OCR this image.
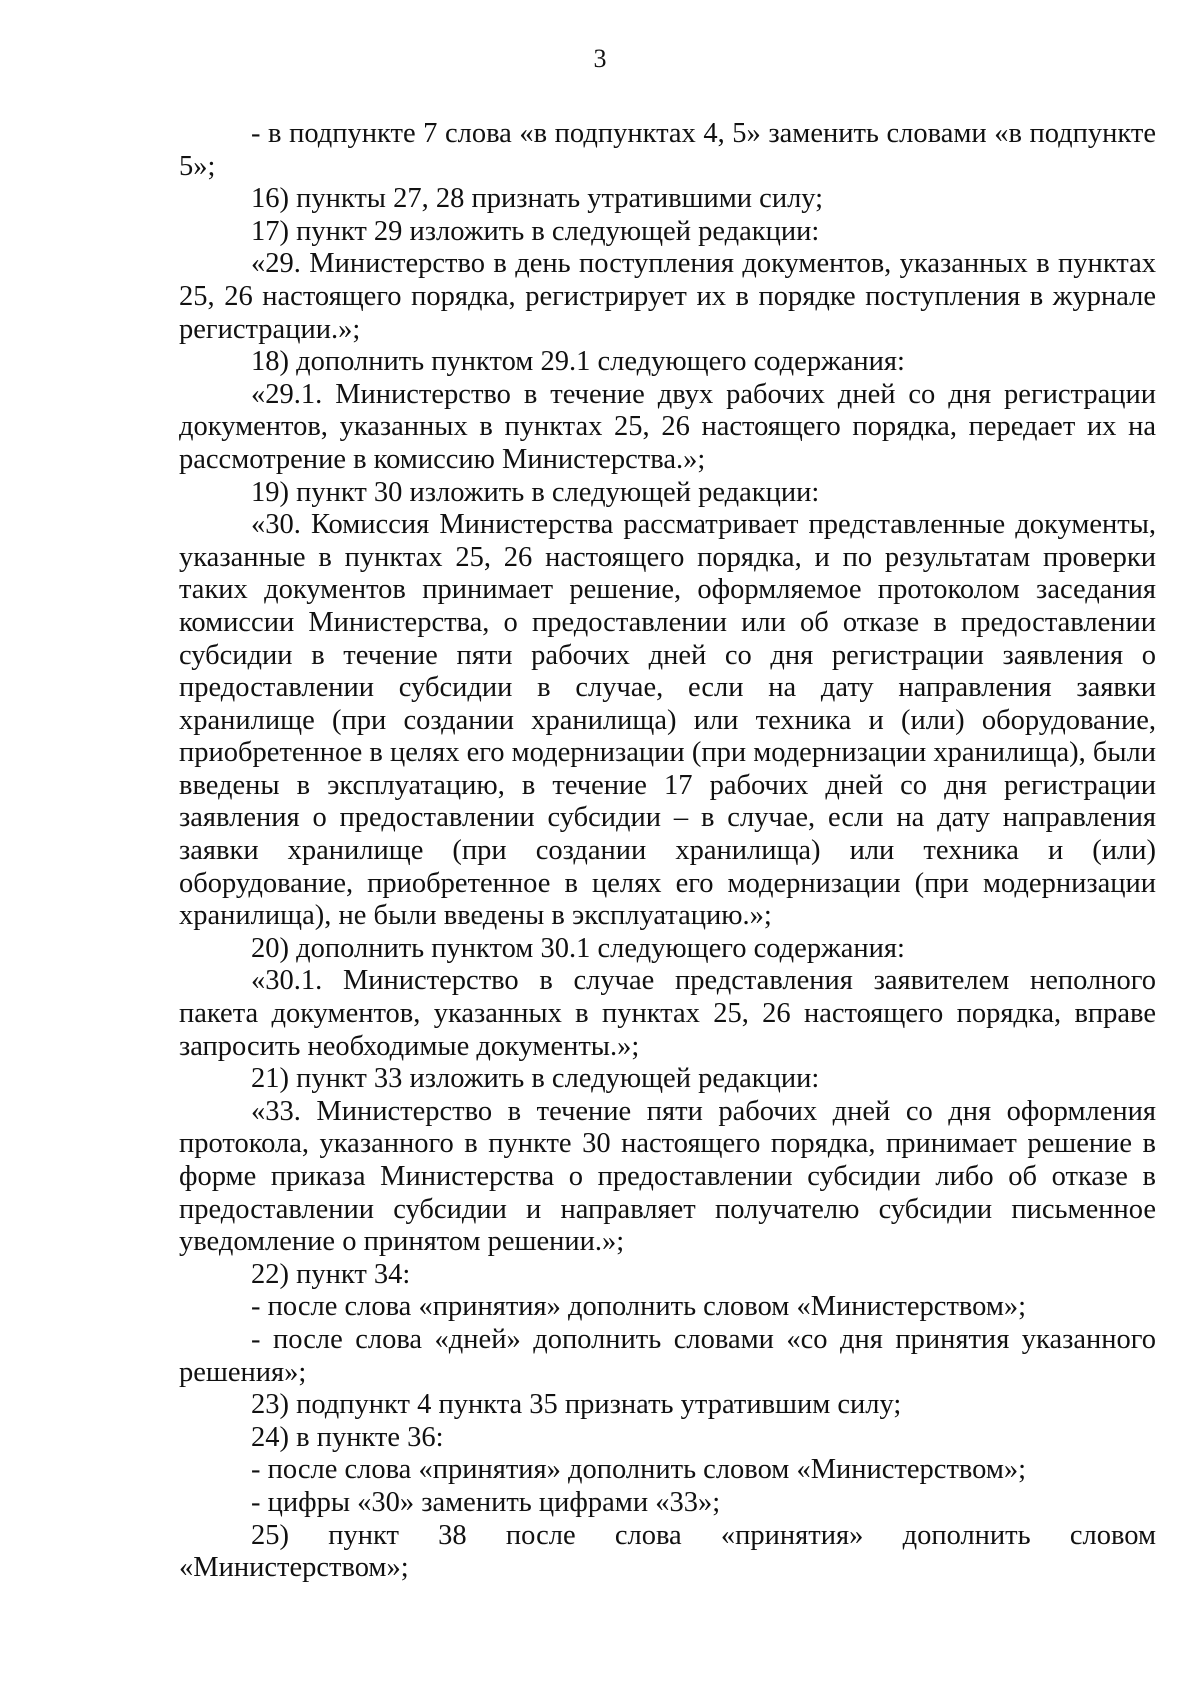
3

- в подпункте 7 слова «в подпунктах 4, 5» заменить словами «в подпункте 5»;

16) пункты 27, 28 признать утратившими силу;

17) пункт 29 изложить в следующей редакции:

«29. Министерство в день поступления документов, указанных в пунктах 25, 26 настоящего порядка, регистрирует их в порядке поступления в журнале регистрации.»;

18) дополнить пунктом 29.1 следующего содержания:

«29.1. Министерство в течение двух рабочих дней со дня регистрации документов, указанных в пунктах 25, 26 настоящего порядка, передает их на рассмотрение в комиссию Министерства.»;

19) пункт 30 изложить в следующей редакции:

«30. Комиссия Министерства рассматривает представленные документы, указанные в пунктах 25, 26 настоящего порядка, и по результатам проверки таких документов принимает решение, оформляемое протоколом заседания комиссии Министерства, о предоставлении или об отказе в предоставлении субсидии в течение пяти рабочих дней со дня регистрации заявления о предоставлении субсидии в случае, если на дату направления заявки хранилище (при создании хранилища) или техника и (или) оборудование, приобретенное в целях его модернизации (при модернизации хранилища), были введены в эксплуатацию, в течение 17 рабочих дней со дня регистрации заявления о предоставлении субсидии – в случае, если на дату направления заявки хранилище (при создании хранилища) или техника и (или) оборудование, приобретенное в целях его модернизации (при модернизации хранилища), не были введены в эксплуатацию.»;

20) дополнить пунктом 30.1 следующего содержания:

«30.1. Министерство в случае представления заявителем неполного пакета документов, указанных в пунктах 25, 26 настоящего порядка, вправе запросить необходимые документы.»;

21) пункт 33 изложить в следующей редакции:

«33. Министерство в течение пяти рабочих дней со дня оформления протокола, указанного в пункте 30 настоящего порядка, принимает решение в форме приказа Министерства о предоставлении субсидии либо об отказе в предоставлении субсидии и направляет получателю субсидии письменное уведомление о принятом решении.»;

22) пункт 34:

- после слова «принятия» дополнить словом «Министерством»;

- после слова «дней» дополнить словами «со дня принятия указанного решения»;

23) подпункт 4 пункта 35 признать утратившим силу;

24) в пункте 36:

- после слова «принятия» дополнить словом «Министерством»;

- цифры «30» заменить цифрами «33»;

25) пункт 38 после слова «принятия» дополнить словом «Министерством»;
